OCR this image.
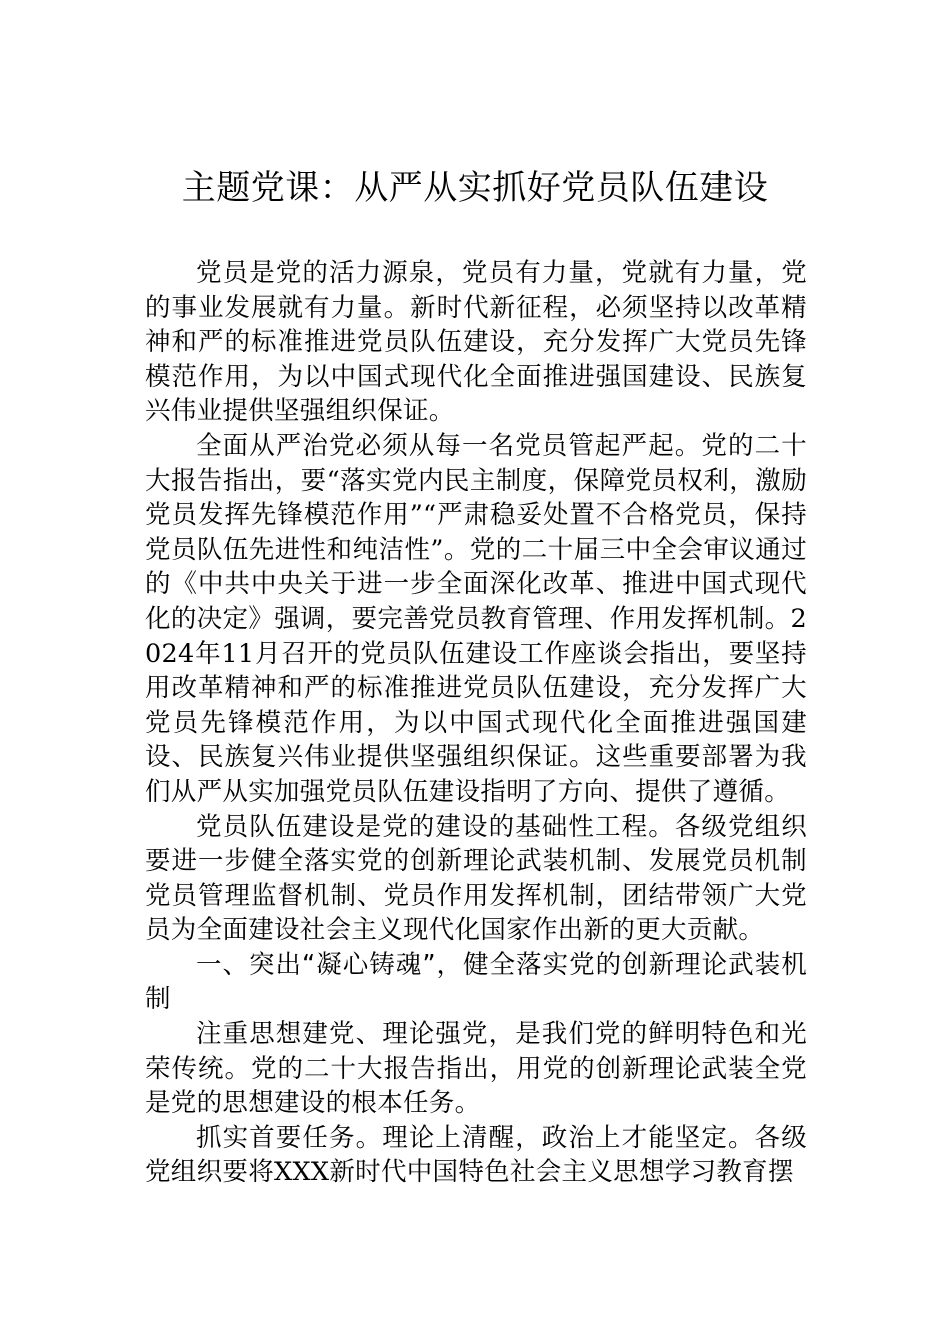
主题党课：从严从实抓好党员队伍建设

党员是党的活力源泉，党员有力量，党就有力量，党的事业发展就有力量。新时代新征程，必须坚持以改革精神和严的标准推进党员队伍建设，充分发挥广大党员先锋模范作用，为以中国式现代化全面推进强国建设、民族复兴伟业提供坚强组织保证。

全面从严治党必须从每一名党员管起严起。党的二十大报告指出，要“落实党内民主制度，保障党员权利，激励党员发挥先锋模范作用”“严肃稳妥处置不合格党员，保持党员队伍先进性和纯洁性”。党的二十届三中全会审议通过的《中共中央关于进一步全面深化改革、推进中国式现代化的决定》强调，要完善党员教育管理、作用发挥机制。2024年11月召开的党员队伍建设工作座谈会指出，要坚持用改革精神和严的标准推进党员队伍建设，充分发挥广大党员先锋模范作用，为以中国式现代化全面推进强国建设、民族复兴伟业提供坚强组织保证。这些重要部署为我们从严从实加强党员队伍建设指明了方向、提供了遵循。

党员队伍建设是党的建设的基础性工程。各级党组织要进一步健全落实党的创新理论武装机制、发展党员机制党员管理监督机制、党员作用发挥机制，团结带领广大党员为全面建设社会主义现代化国家作出新的更大贡献。

一、突出“凝心铸魂”，健全落实党的创新理论武装机制

注重思想建党、理论强党，是我们党的鲜明特色和光荣传统。党的二十大报告指出，用党的创新理论武装全党是党的思想建设的根本任务。

抓实首要任务。理论上清醒，政治上才能坚定。各级党组织要将XXX新时代中国特色社会主义思想学习教育摆
